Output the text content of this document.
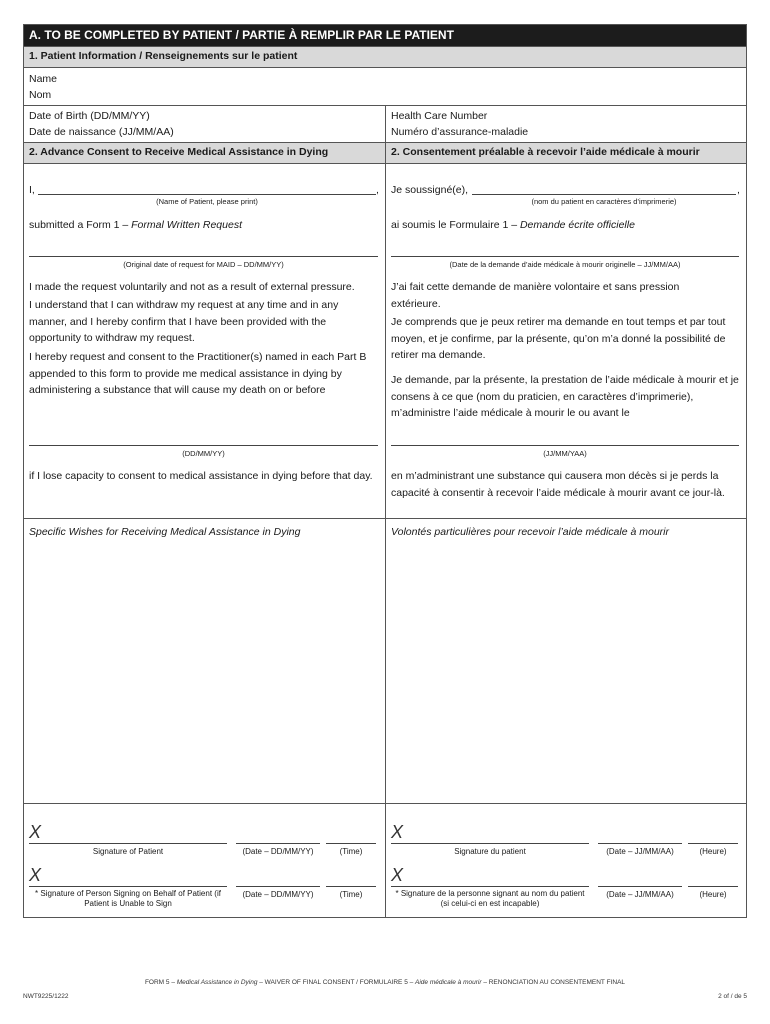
A. TO BE COMPLETED BY PATIENT / PARTIE À REMPLIR PAR LE PATIENT
1. Patient Information / Renseignements sur le patient
Name
Nom
Date of Birth (DD/MM/YY)
Date de naissance (JJ/MM/AA)
Health Care Number
Numéro d’assurance-maladie
2. Advance Consent to Receive Medical Assistance in Dying	2. Consentement préalable à recevoir l’aide médicale à mourir
I,	,
(Name of Patient, please print)
submitted a Form 1 – Formal Written Request
(Original date of request for MAID – DD/MM/YY)
I made the request voluntarily and not as a result of external pressure.
I understand that I can withdraw my request at any time and in any manner, and I hereby confirm that I have been provided with the opportunity to withdraw my request.
I hereby request and consent to the Practitioner(s) named in each Part B appended to this form to provide me medical assistance in dying by administering a substance that will cause my death on or before
(DD/MM/YY)
if I lose capacity to consent to medical assistance in dying before that day.
Je soussigné(e),	,
(nom du patient en caractères d’imprimerie)
ai soumis le Formulaire 1 – Demande écrite officielle
(Date de la demande d’aide médicale à mourir originelle – JJ/MM/AA)
J’ai fait cette demande de manière volontaire et sans pression extérieure.
Je comprends que je peux retirer ma demande en tout temps et par tout moyen, et je confirme, par la présente, qu’on m’a donné la possibilité de retirer ma demande.
Je demande, par la présente, la prestation de l’aide médicale à mourir et je consens à ce que (nom du praticien, en caractères d’imprimerie), m’administre l’aide médicale à mourir le ou avant le
(JJ/MM/YAA)
en m’administrant une substance qui causera mon décès si je perds la capacité à consentir à recevoir l’aide médicale à mourir avant ce jour-là.
Specific Wishes for Receiving Medical Assistance in Dying	Volontés particulières pour recevoir l’aide médicale à mourir
X
Signature of Patient	(Date – DD/MM/YY)	(Time)
X
* Signature of Person Signing on Behalf of Patient (if Patient is Unable to Sign
(Date – DD/MM/YY)	(Time)
X
Signature du patient	(Date – JJ/MM/AA)	(Heure)
X
* Signature de la personne signant au nom du patient (si celui-ci en est incapable)
(Date – JJ/MM/AA)	(Heure)
FORM 5 – Medical Assistance in Dying – WAIVER OF FINAL CONSENT / FORMULAIRE 5 – Aide médicale à mourir – RENONCIATION AU CONSENTEMENT FINAL
NWT9225/1222	2 of / de 5
